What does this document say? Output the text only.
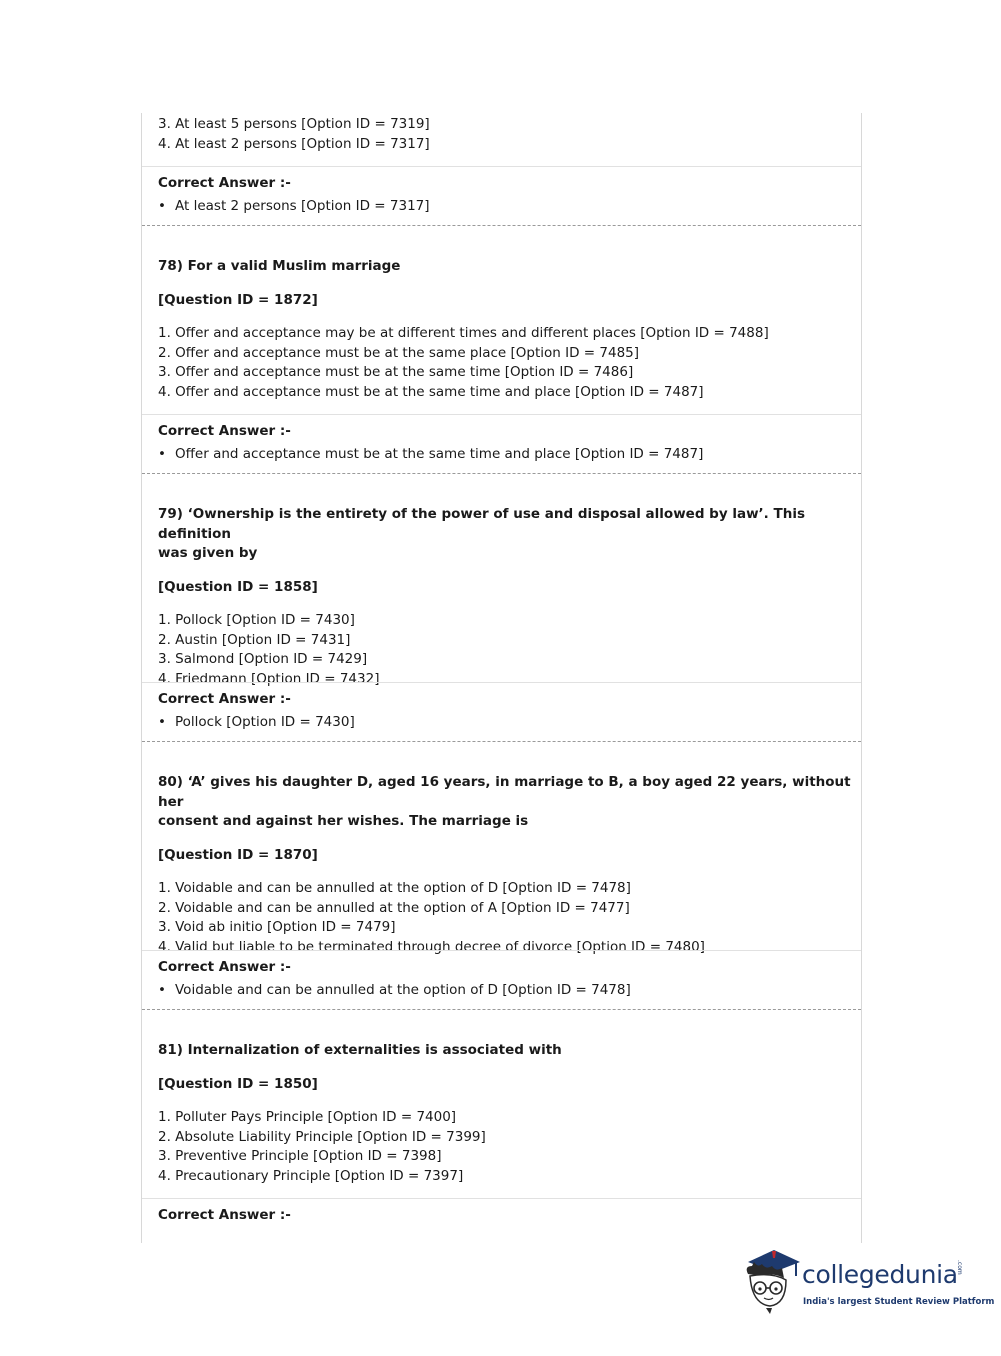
3. At least 5 persons [Option ID = 7319]
4. At least 2 persons [Option ID = 7317]
Correct Answer :-
• At least 2 persons [Option ID = 7317]
78) For a valid Muslim marriage
[Question ID = 1872]
1. Offer and acceptance may be at different times and different places [Option ID = 7488]
2. Offer and acceptance must be at the same place [Option ID = 7485]
3. Offer and acceptance must be at the same time [Option ID = 7486]
4. Offer and acceptance must be at the same time and place [Option ID = 7487]
Correct Answer :-
• Offer and acceptance must be at the same time and place [Option ID = 7487]
79) ‘Ownership is the entirety of the power of use and disposal allowed by law’. This definition
was given by
[Question ID = 1858]
1. Pollock [Option ID = 7430]
2. Austin [Option ID = 7431]
3. Salmond [Option ID = 7429]
4. Friedmann [Option ID = 7432]
Correct Answer :-
• Pollock [Option ID = 7430]
80) ‘A’ gives his daughter D, aged 16 years, in marriage to B, a boy aged 22 years, without her
consent and against her wishes. The marriage is
[Question ID = 1870]
1. Voidable and can be annulled at the option of D [Option ID = 7478]
2. Voidable and can be annulled at the option of A [Option ID = 7477]
3. Void ab initio [Option ID = 7479]
4. Valid but liable to be terminated through decree of divorce [Option ID = 7480]
Correct Answer :-
• Voidable and can be annulled at the option of D [Option ID = 7478]
81) Internalization of externalities is associated with
[Question ID = 1850]
1. Polluter Pays Principle [Option ID = 7400]
2. Absolute Liability Principle [Option ID = 7399]
3. Preventive Principle [Option ID = 7398]
4. Precautionary Principle [Option ID = 7397]
Correct Answer :-
collegedunia
.com
India's largest Student Review Platform
